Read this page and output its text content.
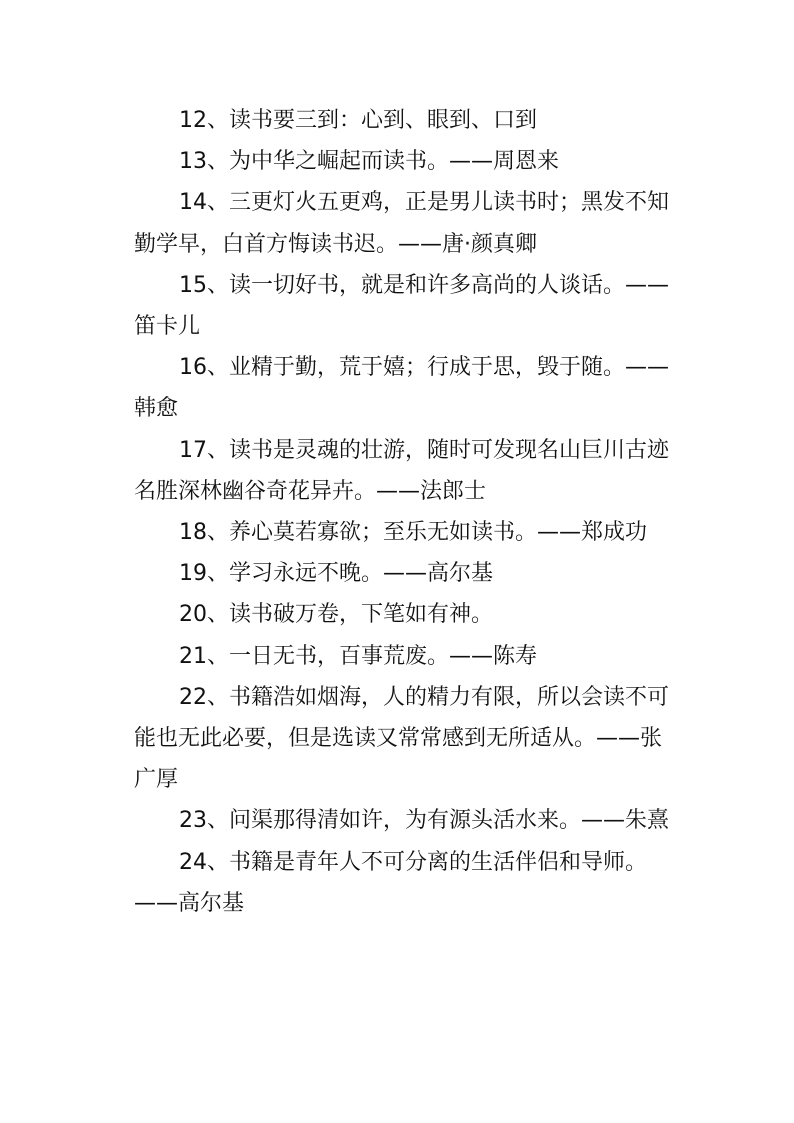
12、读书要三到：心到、眼到、口到

13、为中华之崛起而读书。——周恩来

14、三更灯火五更鸡，正是男儿读书时；黑发不知勤学早，白首方悔读书迟。——唐·颜真卿

15、读一切好书，就是和许多高尚的人谈话。——笛卡儿

16、业精于勤，荒于嬉；行成于思，毁于随。——韩愈

17、读书是灵魂的壮游，随时可发现名山巨川古迹名胜深林幽谷奇花异卉。——法郎士

18、养心莫若寡欲；至乐无如读书。——郑成功

19、学习永远不晚。——高尔基

20、读书破万卷，下笔如有神。

21、一日无书，百事荒废。——陈寿

22、书籍浩如烟海，人的精力有限，所以会读不可能也无此必要，但是选读又常常感到无所适从。——张广厚

23、问渠那得清如许，为有源头活水来。——朱熹

24、书籍是青年人不可分离的生活伴侣和导师。——高尔基
